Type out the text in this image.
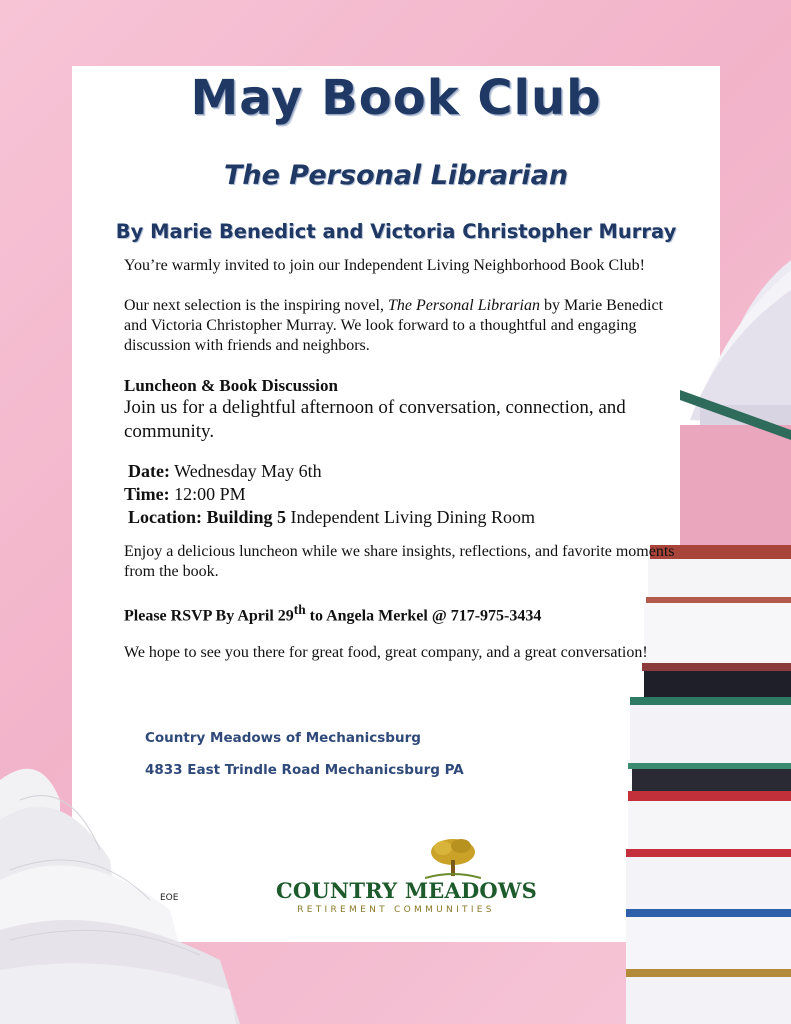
May Book Club
The Personal Librarian
By Marie Benedict and Victoria Christopher Murray

You’re warmly invited to join our Independent Living Neighborhood Book Club!

Our next selection is the inspiring novel, The Personal Librarian by Marie Benedict and Victoria Christopher Murray. We look forward to a thoughtful and engaging discussion with friends and neighbors.

Luncheon & Book Discussion

Join us for a delightful afternoon of conversation, connection, and community.

Date: Wednesday May 6th
Time: 12:00 PM
Location: Building 5 Independent Living Dining Room

Enjoy a delicious luncheon while we share insights, reflections, and favorite moments from the book.

Please RSVP By April 29th to Angela Merkel @ 717-975-3434

We hope to see you there for great food, great company, and a great conversation!

Country Meadows of Mechanicsburg
4833 East Trindle Road Mechanicsburg PA
EOE	COUNTRY MEADOWS
RETIREMENT COMMUNITIES
